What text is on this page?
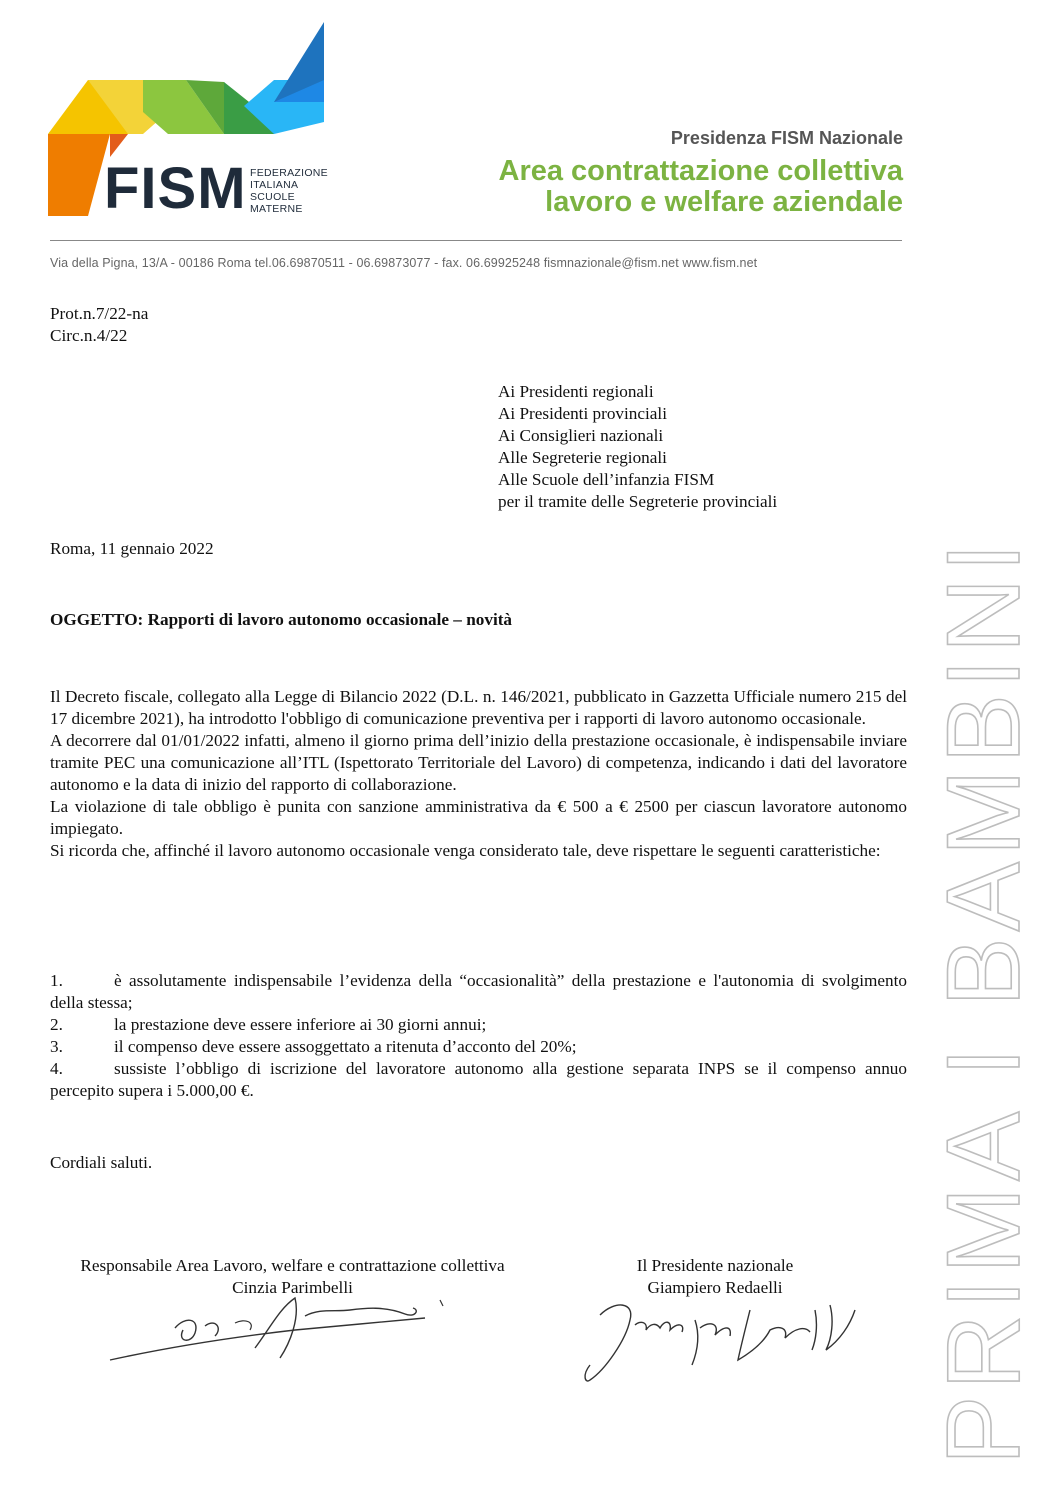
FISM FEDERAZIONE
ITALIANA
SCUOLE
MATERNE
Presidenza FISM Nazionale
Area contrattazione collettiva
lavoro e welfare aziendale
Via della Pigna, 13/A - 00186 Roma tel.06.69870511 - 06.69873077 - fax. 06.69925248 fismnazionale@fism.net www.fism.net
PRIMA I BAMBINI
Prot.n.7/22-na
Circ.n.4/22
Ai Presidenti regionali
Ai Presidenti provinciali
Ai Consiglieri nazionali
Alle Segreterie regionali
Alle Scuole dell’infanzia FISM
per il tramite delle Segreterie provinciali
Roma, 11 gennaio 2022
OGGETTO: Rapporti di lavoro autonomo occasionale – novità

Il Decreto fiscale, collegato alla Legge di Bilancio 2022 (D.L. n. 146/2021, pubblicato in Gazzetta Ufficiale numero 215 del 17 dicembre 2021), ha introdotto l'obbligo di comunicazione preventiva per i rapporti di lavoro autonomo occasionale.

A decorrere dal 01/01/2022 infatti, almeno il giorno prima dell’inizio della prestazione occasionale, è indispensabile inviare tramite PEC una comunicazione all’ITL (Ispettorato Territoriale del Lavoro) di competenza, indicando i dati del lavoratore autonomo e la data di inizio del rapporto di collaborazione.

La violazione di tale obbligo è punita con sanzione amministrativa da € 500 a € 2500 per ciascun lavoratore autonomo impiegato.

Si ricorda che, affinché il lavoro autonomo occasionale venga considerato tale, deve rispettare le seguenti caratteristiche:

1.	è assolutamente indispensabile l’evidenza della “occasionalità” della prestazione e l'autonomia di svolgimento della stessa;

2.	la prestazione deve essere inferiore ai 30 giorni annui;

3.	il compenso deve essere assoggettato a ritenuta d’acconto del 20%;

4.	sussiste l’obbligo di iscrizione del lavoratore autonomo alla gestione separata INPS se il compenso annuo percepito supera i 5.000,00 €.

Cordiali saluti.
Responsabile Area Lavoro, welfare e contrattazione collettiva
Cinzia Parimbelli
Il Presidente nazionale
Giampiero Redaelli
